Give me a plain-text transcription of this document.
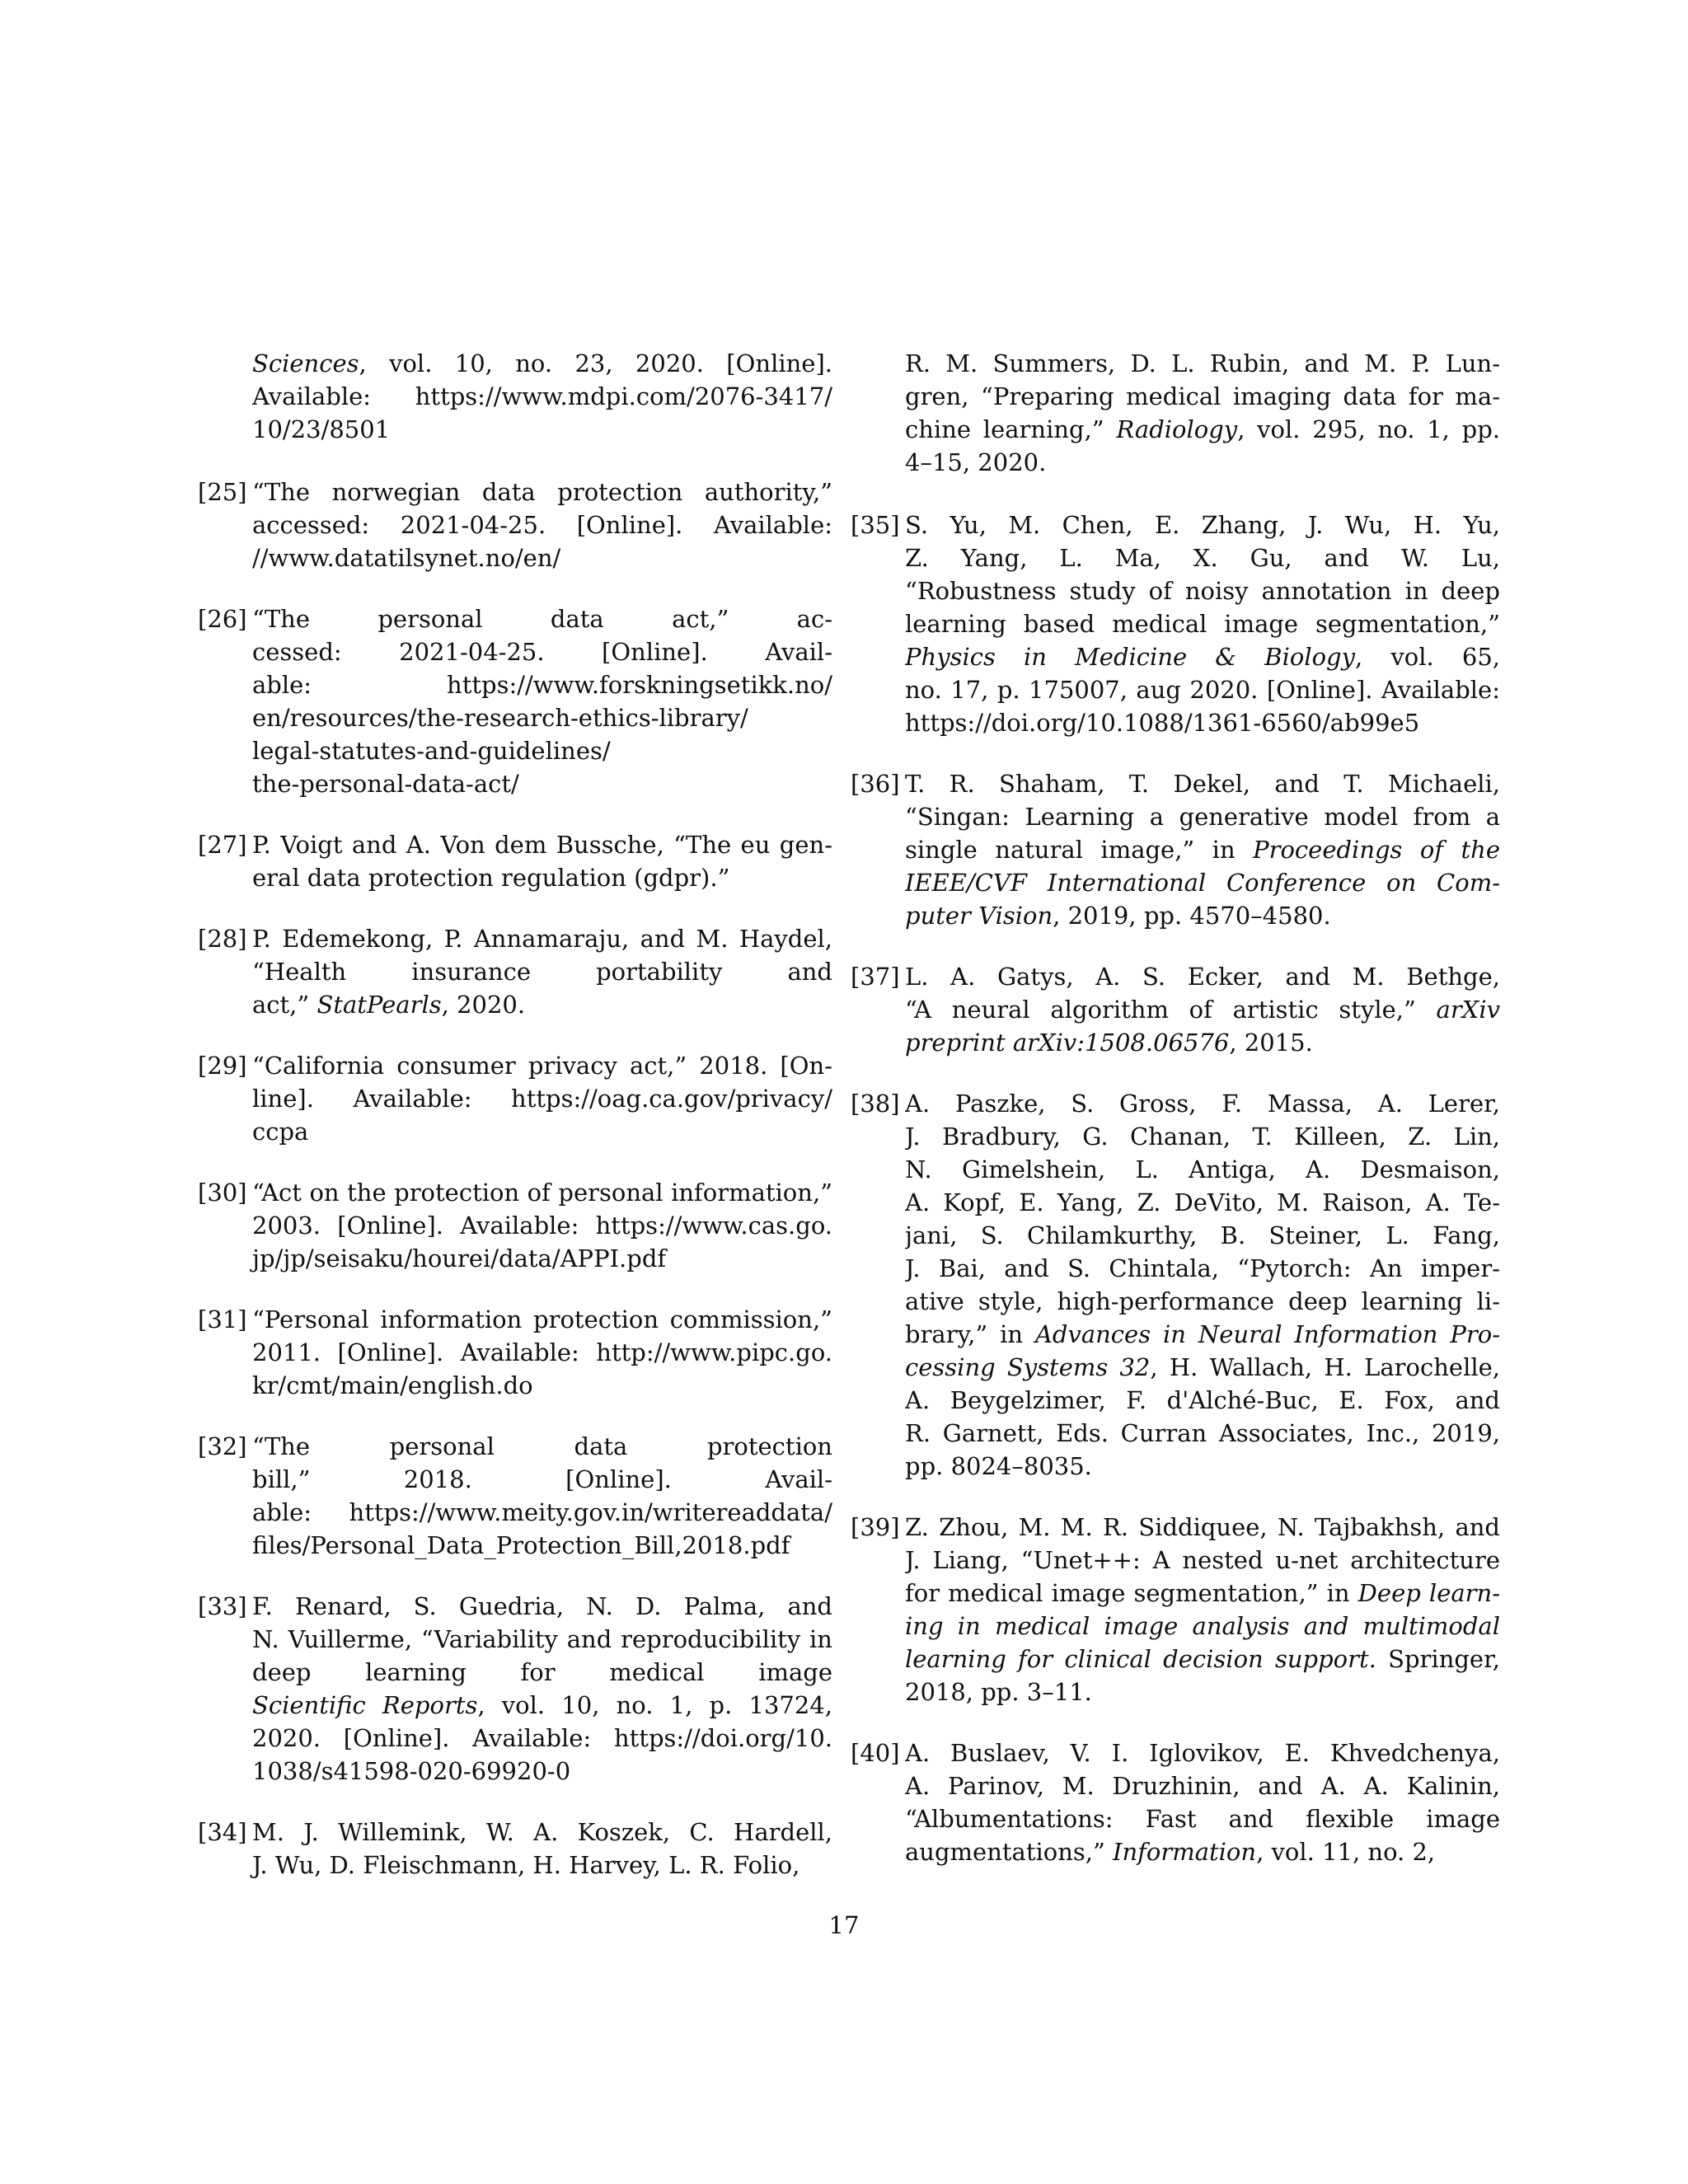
Sciences, vol. 10, no. 23, 2020. [Online].
Available: https://www.mdpi.com/2076-3417/
10/23/8501
[25] “The norwegian data protection authority,”
accessed: 2021-04-25. [Online]. Available:
//www.datatilsynet.no/en/
[26] “The personal data act,” ac-
cessed: 2021-04-25. [Online]. Avail-
able: https://www.forskningsetikk.no/
en/resources/the-research-ethics-library/
legal-statutes-and-guidelines/
the-personal-data-act/
[27] P. Voigt and A. Von dem Bussche, “The eu gen-
eral data protection regulation (gdpr).”
[28] P. Edemekong, P. Annamaraju, and M. Haydel,
“Health insurance portability and
act,” StatPearls, 2020.
[29] “California consumer privacy act,” 2018. [On-
line]. Available: https://oag.ca.gov/privacy/
ccpa
[30] “Act on the protection of personal information,”
2003. [Online]. Available: https://www.cas.go.
jp/jp/seisaku/hourei/data/APPI.pdf
[31] “Personal information protection commission,”
2011. [Online]. Available: http://www.pipc.go.
kr/cmt/main/english.do
[32] “The personal data protection
bill,” 2018. [Online]. Avail-
able: https://www.meity.gov.in/writereaddata/
files/Personal_Data_Protection_Bill,2018.pdf
[33] F. Renard, S. Guedria, N. D. Palma, and
N. Vuillerme, “Variability and reproducibility in
deep learning for medical image
Scientific Reports, vol. 10, no. 1, p. 13724,
2020. [Online]. Available: https://doi.org/10.
1038/s41598-020-69920-0
[34] M. J. Willemink, W. A. Koszek, C. Hardell,
J. Wu, D. Fleischmann, H. Harvey, L. R. Folio,
R. M. Summers, D. L. Rubin, and M. P. Lun-
gren, “Preparing medical imaging data for ma-
chine learning,” Radiology, vol. 295, no. 1, pp.
4–15, 2020.
[35] S. Yu, M. Chen, E. Zhang, J. Wu, H. Yu,
Z. Yang, L. Ma, X. Gu, and W. Lu,
“Robustness study of noisy annotation in deep
learning based medical image segmentation,”
Physics in Medicine & Biology, vol. 65,
no. 17, p. 175007, aug 2020. [Online]. Available:
https://doi.org/10.1088/1361-6560/ab99e5
[36] T. R. Shaham, T. Dekel, and T. Michaeli,
“Singan: Learning a generative model from a
single natural image,” in Proceedings of the
IEEE/CVF International Conference on Com-
puter Vision, 2019, pp. 4570–4580.
[37] L. A. Gatys, A. S. Ecker, and M. Bethge,
“A neural algorithm of artistic style,” arXiv
preprint arXiv:1508.06576, 2015.
[38] A. Paszke, S. Gross, F. Massa, A. Lerer,
J. Bradbury, G. Chanan, T. Killeen, Z. Lin,
N. Gimelshein, L. Antiga, A. Desmaison,
A. Kopf, E. Yang, Z. DeVito, M. Raison, A. Te-
jani, S. Chilamkurthy, B. Steiner, L. Fang,
J. Bai, and S. Chintala, “Pytorch: An imper-
ative style, high-performance deep learning li-
brary,” in Advances in Neural Information Pro-
cessing Systems 32, H. Wallach, H. Larochelle,
A. Beygelzimer, F. d'Alché-Buc, E. Fox, and
R. Garnett, Eds. Curran Associates, Inc., 2019,
pp. 8024–8035.
[39] Z. Zhou, M. M. R. Siddiquee, N. Tajbakhsh, and
J. Liang, “Unet++: A nested u-net architecture
for medical image segmentation,” in Deep learn-
ing in medical image analysis and multimodal
learning for clinical decision support. Springer,
2018, pp. 3–11.
[40] A. Buslaev, V. I. Iglovikov, E. Khvedchenya,
A. Parinov, M. Druzhinin, and A. A. Kalinin,
“Albumentations: Fast and flexible image
augmentations,” Information, vol. 11, no. 2,
17
